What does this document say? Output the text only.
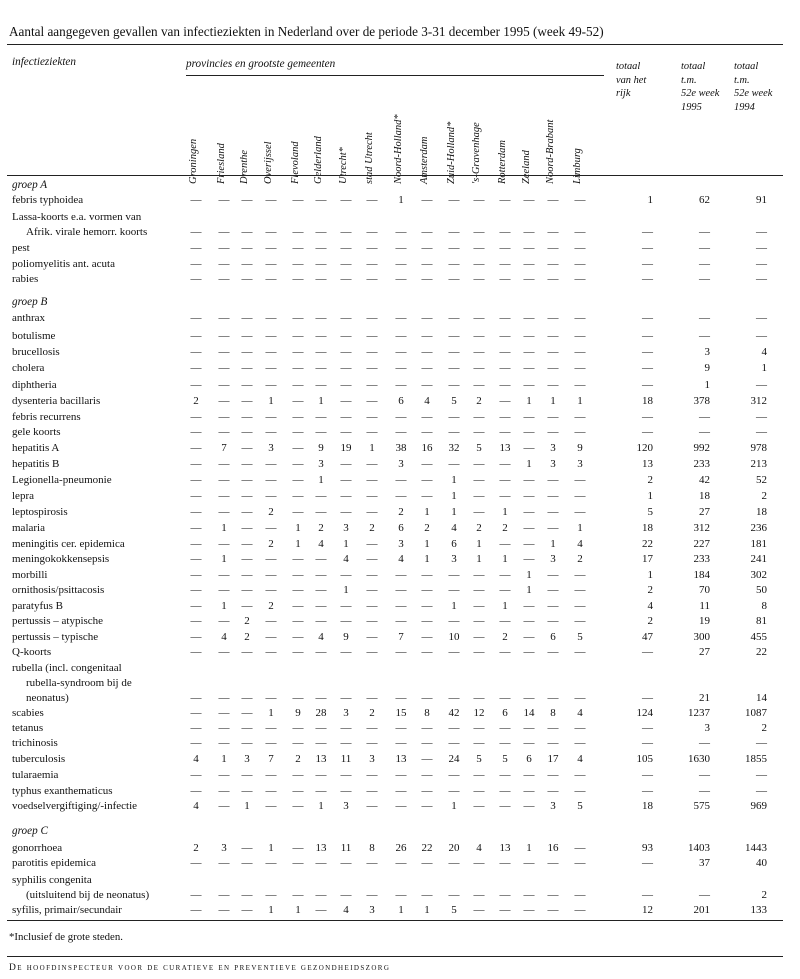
Aantal aangegeven gevallen van infectieziekten in Nederland over de periode 3-31 december 1995 (week 49-52)
infectieziekten	provincies en grootste gemeenten
Groningen Friesland Drenthe Overijssel Flevoland Gelderland Utrecht* stad Utrecht Noord-Holland* Amsterdam Zuid-Holland* 's-Gravenhage Rotterdam Zeeland Noord-Brabant Limburg
totaal
van het
rijk
totaal
t.m.
52e week
1995
totaal
t.m.
52e week
1994
groep A
groep B
groep C
febris typhoidea	—	—	—	—	—	—	—	—	1	—	—	—	—	—	—	—	1	62	91
Lassa-koorts e.a. vormen van
Afrik. virale hemorr. koorts	—	—	—	—	—	—	—	—	—	—	—	—	—	—	—	—	—	—	—
pest	—	—	—	—	—	—	—	—	—	—	—	—	—	—	—	—	—	—	—
poliomyelitis ant. acuta	—	—	—	—	—	—	—	—	—	—	—	—	—	—	—	—	—	—	—
rabies	—	—	—	—	—	—	—	—	—	—	—	—	—	—	—	—	—	—	—
anthrax	—	—	—	—	—	—	—	—	—	—	—	—	—	—	—	—	—	—	—
botulisme	—	—	—	—	—	—	—	—	—	—	—	—	—	—	—	—	—	—	—
brucellosis	—	—	—	—	—	—	—	—	—	—	—	—	—	—	—	—	—	3	4
cholera	—	—	—	—	—	—	—	—	—	—	—	—	—	—	—	—	—	9	1
diphtheria	—	—	—	—	—	—	—	—	—	—	—	—	—	—	—	—	—	1	—
dysenteria bacillaris	2	—	—	1	—	1	—	—	6	4	5	2	—	1	1	1	18	378	312
febris recurrens	—	—	—	—	—	—	—	—	—	—	—	—	—	—	—	—	—	—	—
gele koorts	—	—	—	—	—	—	—	—	—	—	—	—	—	—	—	—	—	—	—
hepatitis A	—	7	—	3	—	9	19	1	38	16	32	5	13	—	3	9	120	992	978
hepatitis B	—	—	—	—	—	3	—	—	3	—	—	—	—	1	3	3	13	233	213
Legionella-pneumonie	—	—	—	—	—	1	—	—	—	—	1	—	—	—	—	—	2	42	52
lepra	—	—	—	—	—	—	—	—	—	—	1	—	—	—	—	—	1	18	2
leptospirosis	—	—	—	2	—	—	—	—	2	1	1	—	1	—	—	—	5	27	18
malaria	—	1	—	—	1	2	3	2	6	2	4	2	2	—	—	1	18	312	236
meningitis cer. epidemica	—	—	—	2	1	4	1	—	3	1	6	1	—	—	1	4	22	227	181
meningokokkensepsis	—	1	—	—	—	—	4	—	4	1	3	1	1	—	3	2	17	233	241
morbilli	—	—	—	—	—	—	—	—	—	—	—	—	—	1	—	—	1	184	302
ornithosis/psittacosis	—	—	—	—	—	—	1	—	—	—	—	—	—	1	—	—	2	70	50
paratyfus B	—	1	—	2	—	—	—	—	—	—	1	—	1	—	—	—	4	11	8
pertussis – atypische	—	—	2	—	—	—	—	—	—	—	—	—	—	—	—	—	2	19	81
pertussis – typische	—	4	2	—	—	4	9	—	7	—	10	—	2	—	6	5	47	300	455
Q-koorts	—	—	—	—	—	—	—	—	—	—	—	—	—	—	—	—	—	27	22
rubella (incl. congenitaal
rubella-syndroom bij de
neonatus)	—	—	—	—	—	—	—	—	—	—	—	—	—	—	—	—	—	21	14
scabies	—	—	—	1	9	28	3	2	15	8	42	12	6	14	8	4	124	1237	1087
tetanus	—	—	—	—	—	—	—	—	—	—	—	—	—	—	—	—	—	3	2
trichinosis	—	—	—	—	—	—	—	—	—	—	—	—	—	—	—	—	—	—	—
tuberculosis	4	1	3	7	2	13	11	3	13	—	24	5	5	6	17	4	105	1630	1855
tularaemia	—	—	—	—	—	—	—	—	—	—	—	—	—	—	—	—	—	—	—
typhus exanthematicus	—	—	—	—	—	—	—	—	—	—	—	—	—	—	—	—	—	—	—
voedselvergiftiging/-infectie	4	—	1	—	—	1	3	—	—	—	1	—	—	—	3	5	18	575	969
gonorrhoea	2	3	—	1	—	13	11	8	26	22	20	4	13	1	16	—	93	1403	1443
parotitis epidemica	—	—	—	—	—	—	—	—	—	—	—	—	—	—	—	—	—	37	40
syphilis congenita
(uitsluitend bij de neonatus)	—	—	—	—	—	—	—	—	—	—	—	—	—	—	—	—	—	—	2
syfilis, primair/secundair	—	—	—	1	1	—	4	3	1	1	5	—	—	—	—	—	12	201	133
*Inclusief de grote steden.
De hoofdinspecteur voor de curatieve en preventieve gezondheidszorg
